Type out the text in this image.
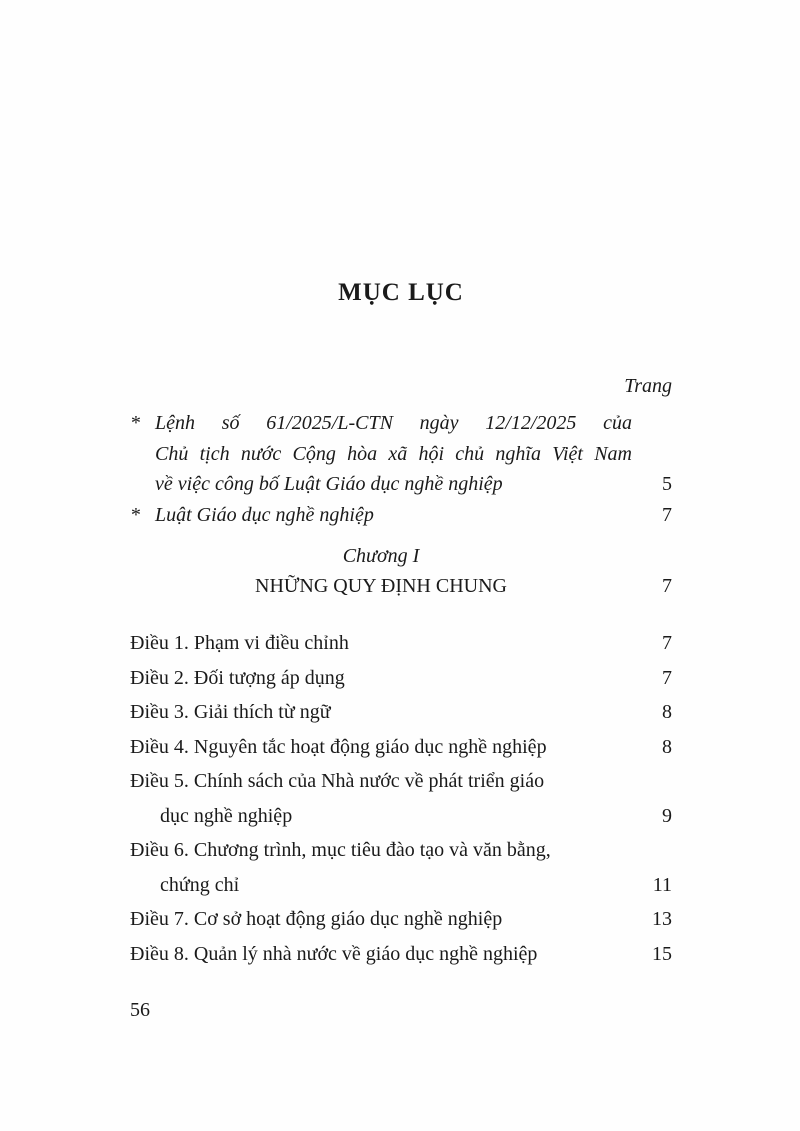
MỤC LỤC
Trang
* Lệnh số 61/2025/L-CTN ngày 12/12/2025 của
Chủ tịch nước Cộng hòa xã hội chủ nghĩa Việt Nam
về việc công bố Luật Giáo dục nghề nghiệp	5
* Luật Giáo dục nghề nghiệp	7
Chương I
NHỮNG QUY ĐỊNH CHUNG	7
Điều 1. Phạm vi điều chỉnh	7
Điều 2. Đối tượng áp dụng	7
Điều 3. Giải thích từ ngữ	8
Điều 4. Nguyên tắc hoạt động giáo dục nghề nghiệp	8
Điều 5. Chính sách của Nhà nước về phát triển giáo
dục nghề nghiệp	9
Điều 6. Chương trình, mục tiêu đào tạo và văn bằng,
chứng chỉ	11
Điều 7. Cơ sở hoạt động giáo dục nghề nghiệp	13
Điều 8. Quản lý nhà nước về giáo dục nghề nghiệp	15
56
